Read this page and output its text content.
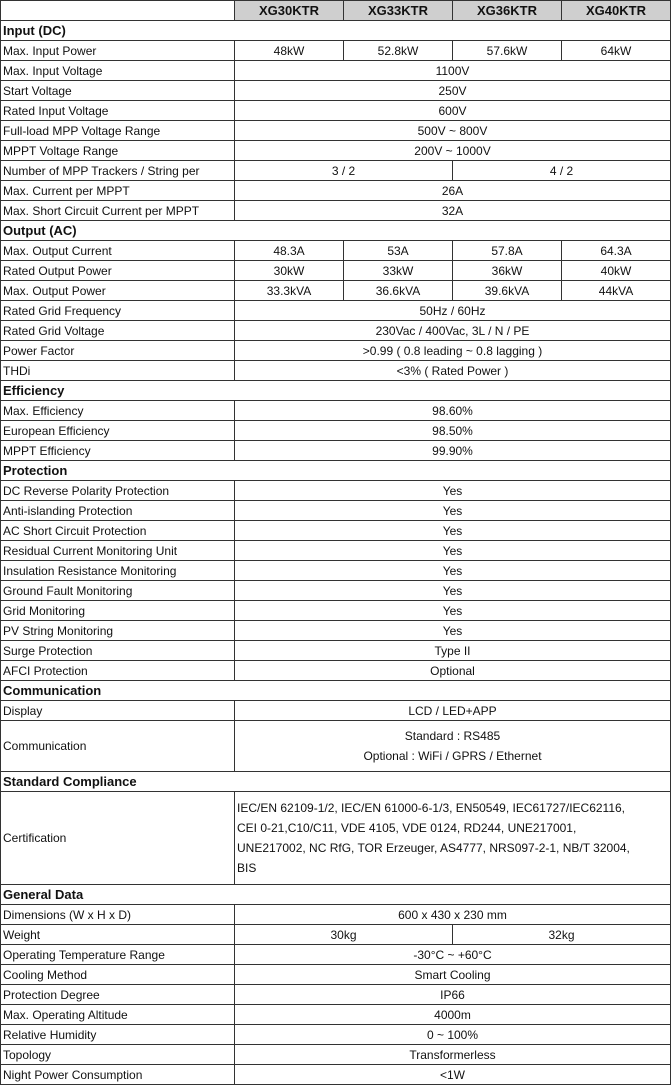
	XG30KTR	XG33KTR	XG36KTR	XG40KTR
Input (DC)				
Max. Input Power	48kW	52.8kW	57.6kW	64kW
Max. Input Voltage	1100V			
Start Voltage	250V			
Rated Input Voltage	600V			
Full-load MPP Voltage Range	500V ~ 800V			
MPPT Voltage Range	200V ~ 1000V			
Number of MPP Trackers / String per	3 / 2		4 / 2	
Max. Current per MPPT	26A			
Max. Short Circuit Current per MPPT	32A			
Output (AC)				
Max. Output Current	48.3A	53A	57.8A	64.3A
Rated Output Power	30kW	33kW	36kW	40kW
Max. Output Power	33.3kVA	36.6kVA	39.6kVA	44kVA
Rated Grid Frequency	50Hz / 60Hz			
Rated Grid Voltage	230Vac / 400Vac, 3L / N / PE			
Power Factor	>0.99 ( 0.8 leading ~ 0.8 lagging )			
THDi	<3% ( Rated Power )			
Efficiency				
Max. Efficiency	98.60%			
European Efficiency	98.50%			
MPPT Efficiency	99.90%			
Protection				
DC Reverse Polarity Protection	Yes			
Anti-islanding Protection	Yes			
AC Short Circuit Protection	Yes			
Residual Current Monitoring Unit	Yes			
Insulation Resistance Monitoring	Yes			
Ground Fault Monitoring	Yes			
Grid Monitoring	Yes			
PV String Monitoring	Yes			
Surge Protection	Type II			
AFCI Protection	Optional			
Communication				
Display	LCD / LED+APP			
Communication	Standard : RS485
Optional : WiFi / GPRS / Ethernet			

Standard Compliance				
Certification	IEC/EN 62109-1/2, IEC/EN 61000-6-1/3, EN50549, IEC61727/IEC62116,
CEI 0-21,C10/C11, VDE 4105, VDE 0124, RD244, UNE217001,
UNE217002, NC RfG, TOR Erzeuger, AS4777, NRS097-2-1, NB/T 32004,
BIS			

General Data				
Dimensions (W x H x D)	600 x 430 x 230 mm			
Weight	30kg		32kg	
Operating Temperature Range	-30°C ~ +60°C			
Cooling Method	Smart Cooling			
Protection Degree	IP66			
Max. Operating Altitude	4000m			
Relative Humidity	0 ~ 100%			
Topology	Transformerless			
Night Power Consumption	<1W			
